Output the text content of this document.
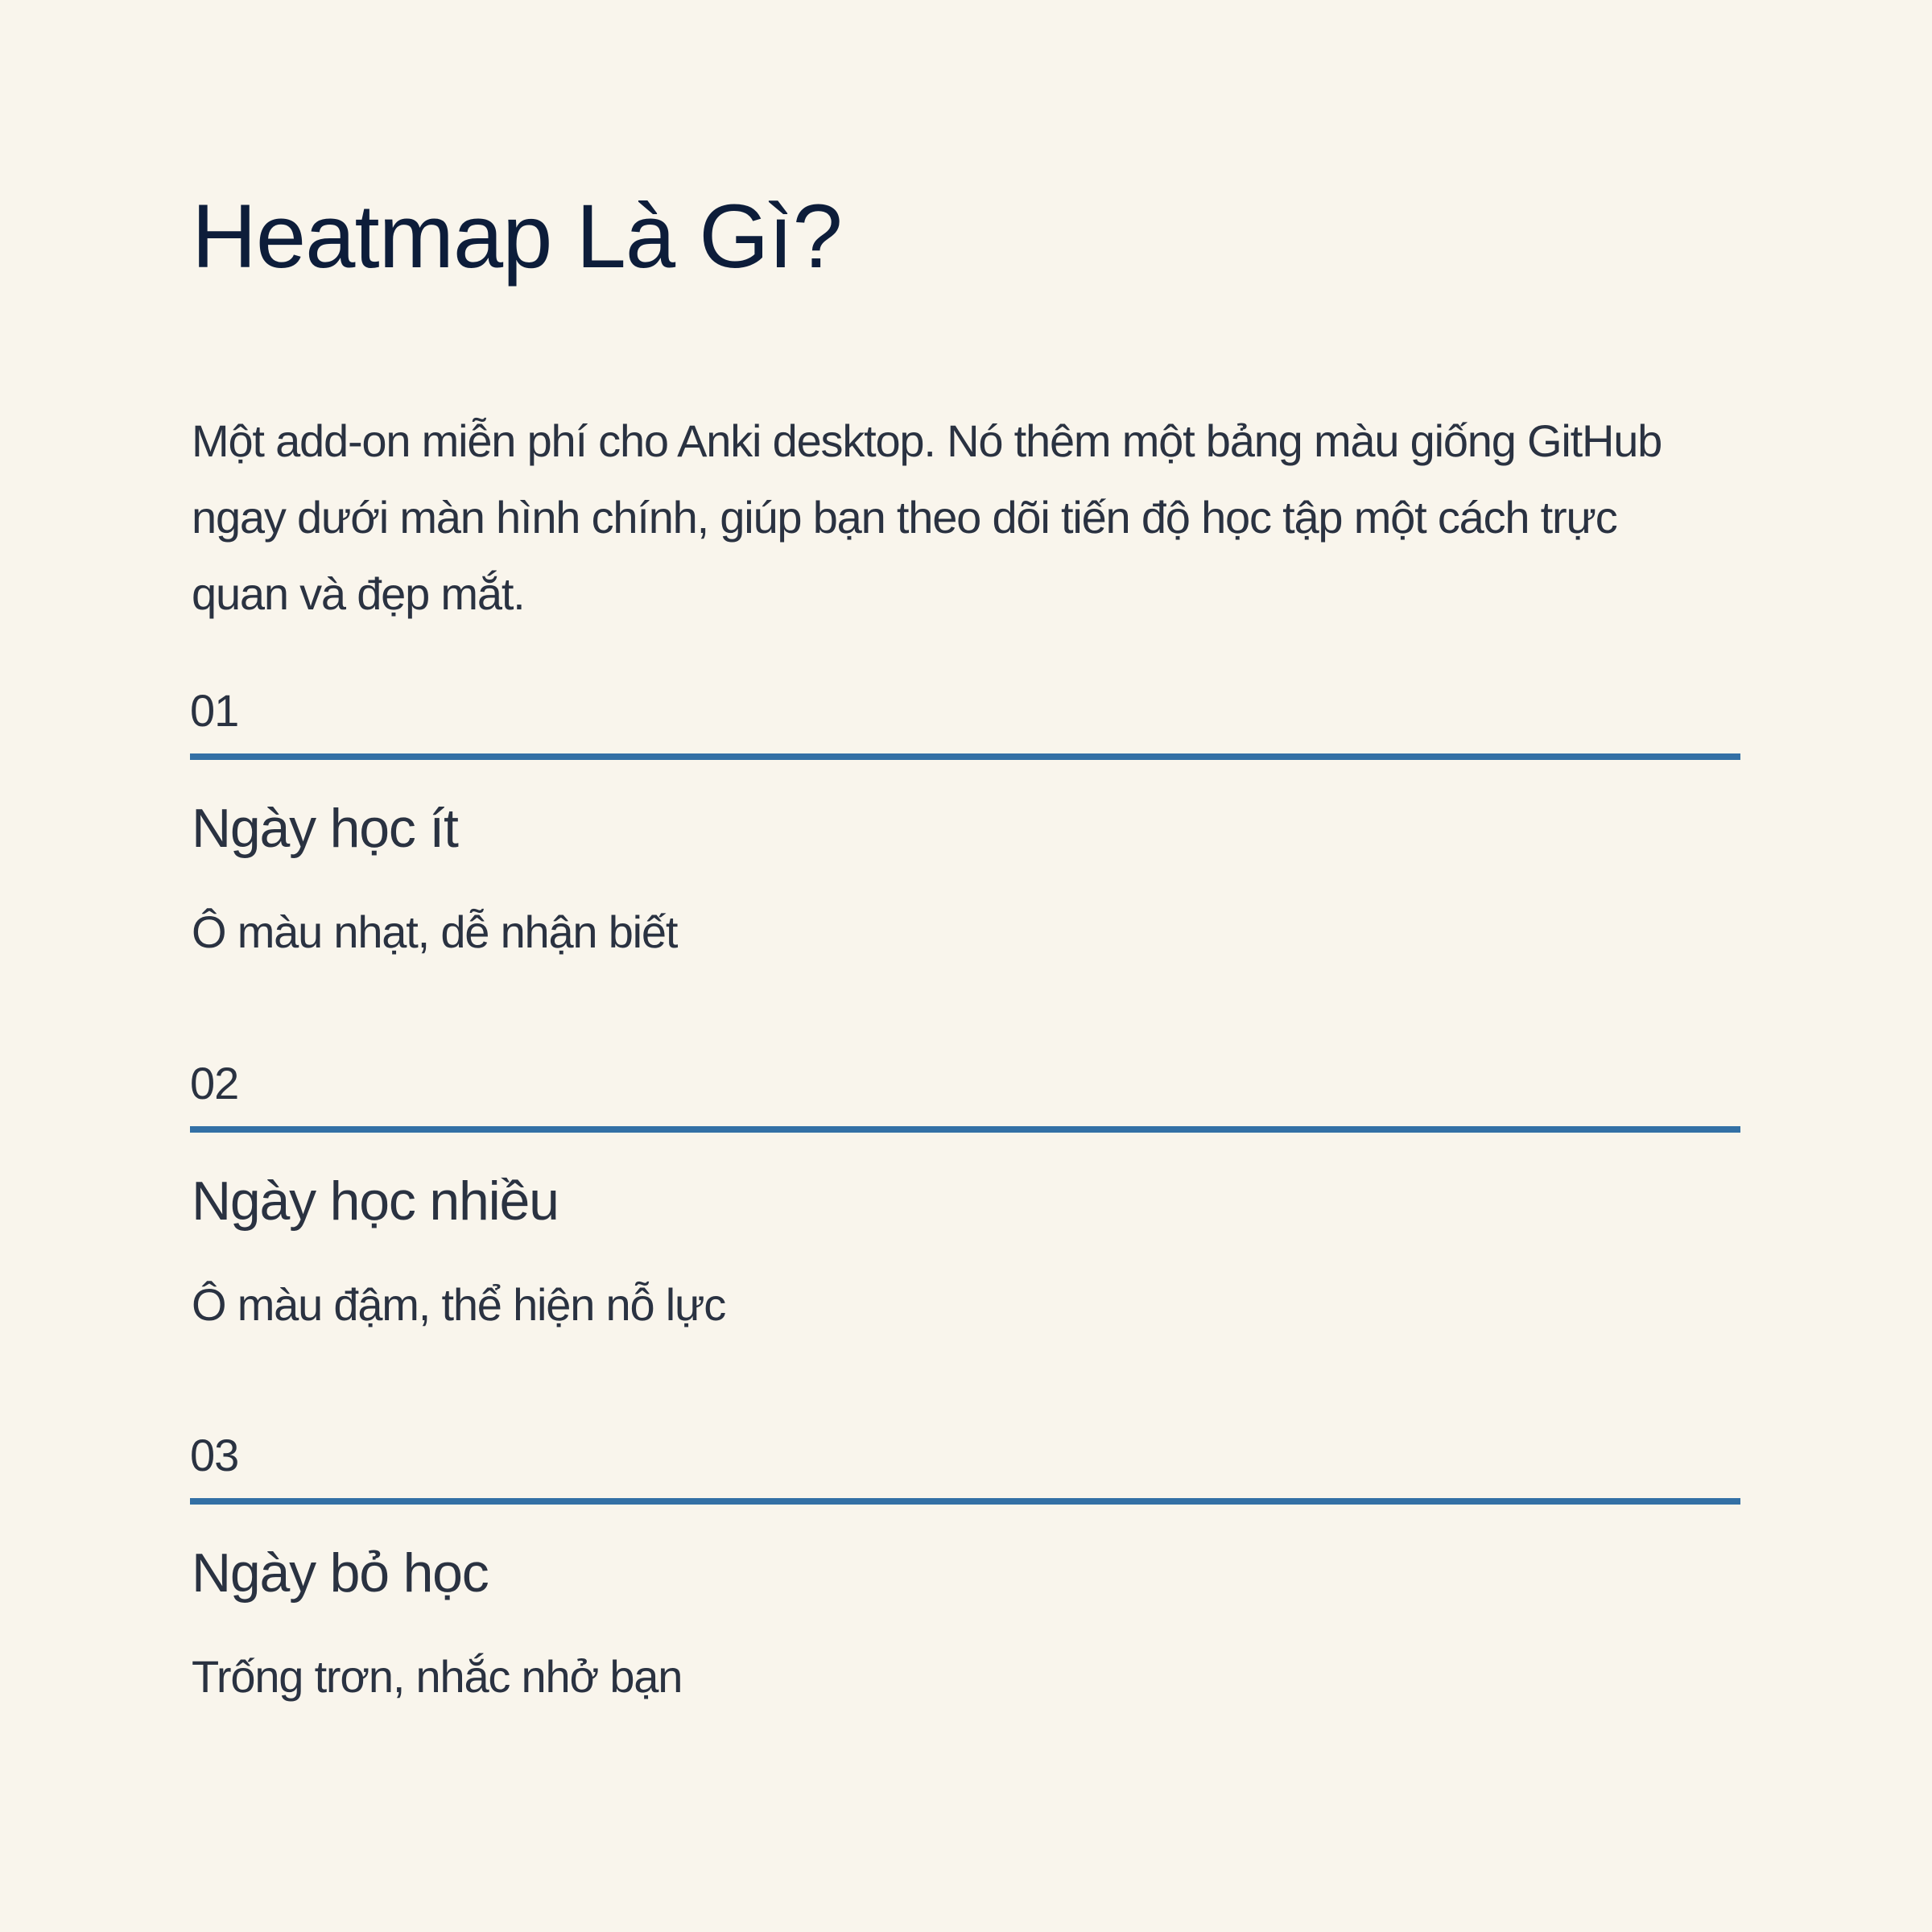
Heatmap Là Gì?

Một add-on miễn phí cho Anki desktop. Nó thêm một bảng màu giống GitHub ngay dưới màn hình chính, giúp bạn theo dõi tiến độ học tập một cách trực quan và đẹp mắt.

01
Ngày học ít

Ô màu nhạt, dễ nhận biết

02
Ngày học nhiều

Ô màu đậm, thể hiện nỗ lực

03
Ngày bỏ học

Trống trơn, nhắc nhở bạn
